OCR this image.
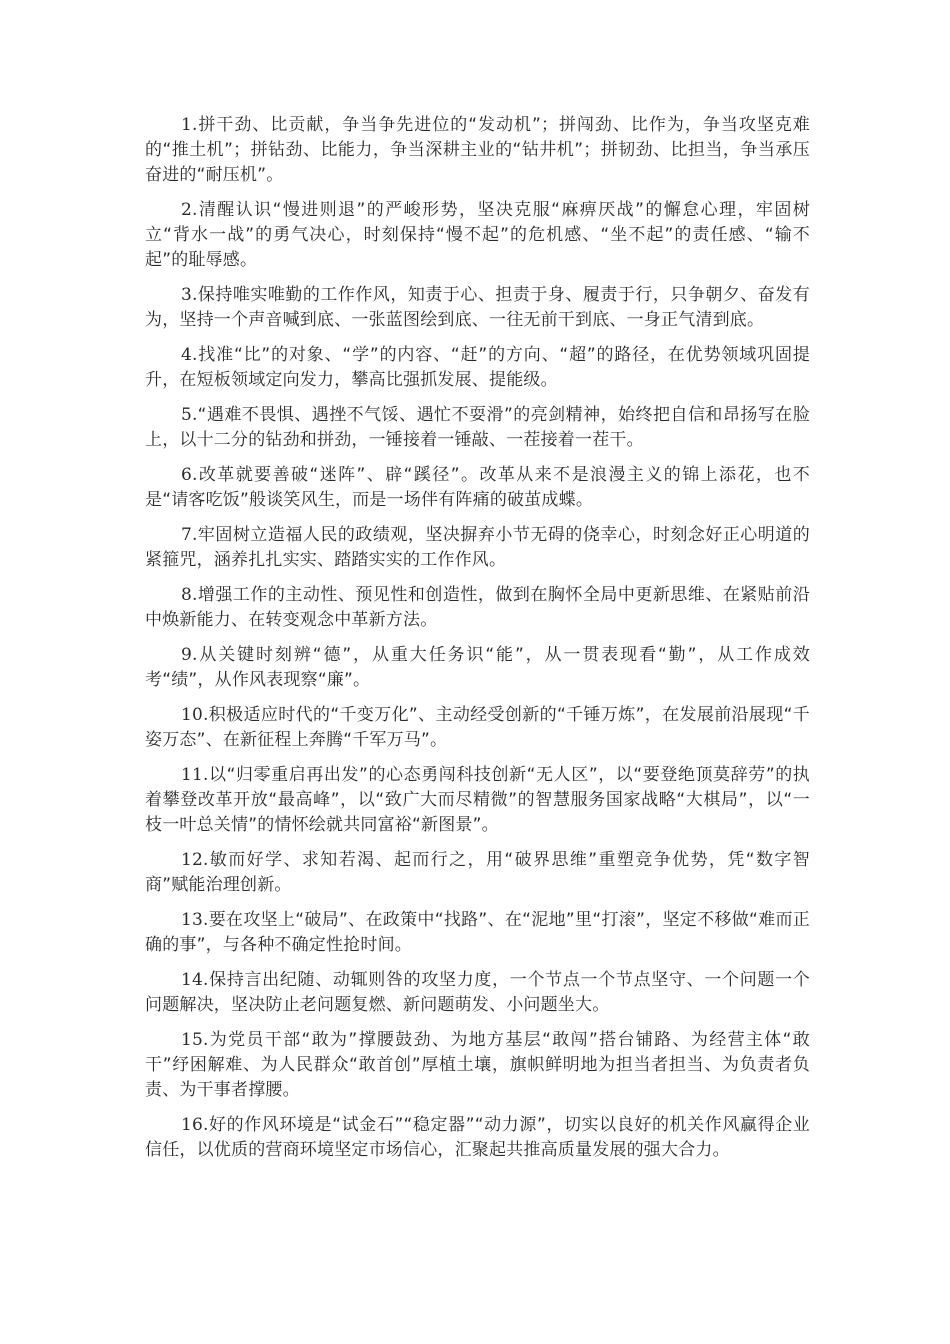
1.拼干劲、比贡献，争当争先进位的“发动机”；拼闯劲、比作为，争当攻坚克难的“推土机”；拼钻劲、比能力，争当深耕主业的“钻井机”；拼韧劲、比担当，争当承压奋进的“耐压机”。

2.清醒认识“慢进则退”的严峻形势，坚决克服“麻痹厌战”的懈怠心理，牢固树立“背水一战”的勇气决心，时刻保持“慢不起”的危机感、“坐不起”的责任感、“输不起”的耻辱感。

3.保持唯实唯勤的工作作风，知责于心、担责于身、履责于行，只争朝夕、奋发有为，坚持一个声音喊到底、一张蓝图绘到底、一往无前干到底、一身正气清到底。

4.找准“比”的对象、“学”的内容、“赶”的方向、“超”的路径，在优势领域巩固提升，在短板领域定向发力，攀高比强抓发展、提能级。

5.“遇难不畏惧、遇挫不气馁、遇忙不耍滑”的亮剑精神，始终把自信和昂扬写在脸上，以十二分的钻劲和拼劲，一锤接着一锤敲、一茬接着一茬干。

6.改革就要善破“迷阵”、辟“蹊径”。改革从来不是浪漫主义的锦上添花，也不是“请客吃饭”般谈笑风生，而是一场伴有阵痛的破茧成蝶。

7.牢固树立造福人民的政绩观，坚决摒弃小节无碍的侥幸心，时刻念好正心明道的紧箍咒，涵养扎扎实实、踏踏实实的工作作风。

8.增强工作的主动性、预见性和创造性，做到在胸怀全局中更新思维、在紧贴前沿中焕新能力、在转变观念中革新方法。

9.从关键时刻辨“德”，从重大任务识“能”，从一贯表现看“勤”，从工作成效考“绩”，从作风表现察“廉”。

10.积极适应时代的“千变万化”、主动经受创新的“千锤万炼”，在发展前沿展现“千姿万态”、在新征程上奔腾“千军万马”。

11.以“归零重启再出发”的心态勇闯科技创新“无人区”，以“要登绝顶莫辞劳”的执着攀登改革开放“最高峰”，以“致广大而尽精微”的智慧服务国家战略“大棋局”，以“一枝一叶总关情”的情怀绘就共同富裕“新图景”。

12.敏而好学、求知若渴、起而行之，用“破界思维”重塑竞争优势，凭“数字智商”赋能治理创新。

13.要在攻坚上“破局”、在政策中“找路”、在“泥地”里“打滚”，坚定不移做“难而正确的事”，与各种不确定性抢时间。

14.保持言出纪随、动辄则咎的攻坚力度，一个节点一个节点坚守、一个问题一个问题解决，坚决防止老问题复燃、新问题萌发、小问题坐大。

15.为党员干部“敢为”撑腰鼓劲、为地方基层“敢闯”搭台铺路、为经营主体“敢干”纾困解难、为人民群众“敢首创”厚植土壤，旗帜鲜明地为担当者担当、为负责者负责、为干事者撑腰。

16.好的作风环境是“试金石”“稳定器”“动力源”，切实以良好的机关作风赢得企业信任，以优质的营商环境坚定市场信心，汇聚起共推高质量发展的强大合力。
